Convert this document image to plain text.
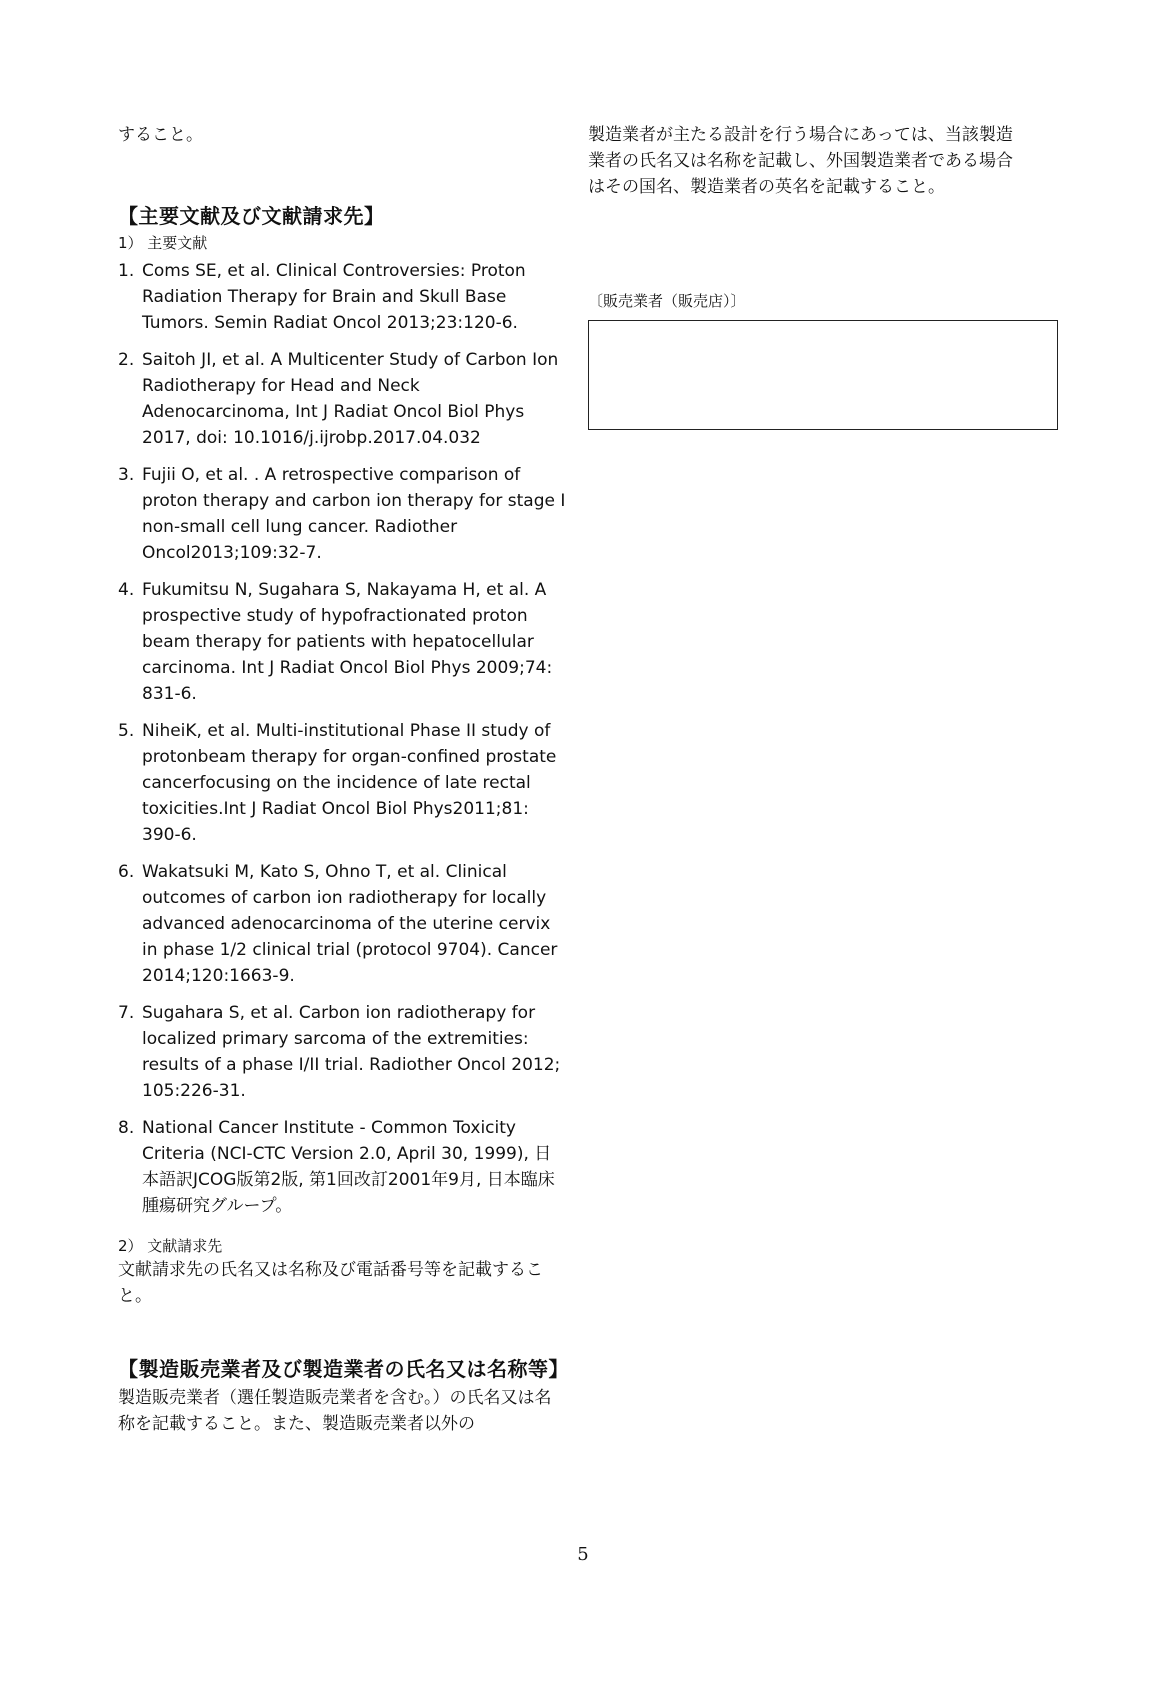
すること。

【主要文献及び文献請求先】

1） 主要文献

1. Coms SE, et al. Clinical Controversies: Proton Radiation Therapy for Brain and Skull Base Tumors. Semin Radiat Oncol 2013;23:120-6.
2. Saitoh JI, et al. A Multicenter Study of Carbon Ion Radiotherapy for Head and Neck Adenocarcinoma, Int J Radiat Oncol Biol Phys 2017, doi: 10.1016/j.ijrobp.2017.04.032
3. Fujii O, et al. . A retrospective comparison of proton therapy and carbon ion therapy for stage I non-small cell lung cancer. Radiother Oncol2013;109:32-7.
4. Fukumitsu N, Sugahara S, Nakayama H, et al. A prospective study of hypofractionated proton beam therapy for patients with hepatocellular carcinoma. Int J Radiat Oncol Biol Phys 2009;74: 831-6.
5. NiheiK, et al. Multi-institutional Phase II study of protonbeam therapy for organ-confined prostate cancerfocusing on the incidence of late rectal toxicities.Int J Radiat Oncol Biol Phys2011;81: 390-6.
6. Wakatsuki M, Kato S, Ohno T, et al. Clinical outcomes of carbon ion radiotherapy for locally advanced adenocarcinoma of the uterine cervix in phase 1/2 clinical trial (protocol 9704). Cancer 2014;120:1663-9.
7. Sugahara S, et al. Carbon ion radiotherapy for localized primary sarcoma of the extremities: results of a phase I/II trial. Radiother Oncol 2012; 105:226-31.
8. National Cancer Institute - Common Toxicity Criteria (NCI-CTC Version 2.0, April 30, 1999), 日本語訳JCOG版第2版, 第1回改訂2001年9月, 日本臨床腫瘍研究グループ。

2） 文献請求先

文献請求先の氏名又は名称及び電話番号等を記載すること。

【製造販売業者及び製造業者の氏名又は名称等】

製造販売業者（選任製造販売業者を含む。）の氏名又は名称を記載すること。また、製造販売業者以外の

製造業者が主たる設計を行う場合にあっては、当該製造業者の氏名又は名称を記載し、外国製造業者である場合はその国名、製造業者の英名を記載すること。

〔販売業者（販売店）〕

5
